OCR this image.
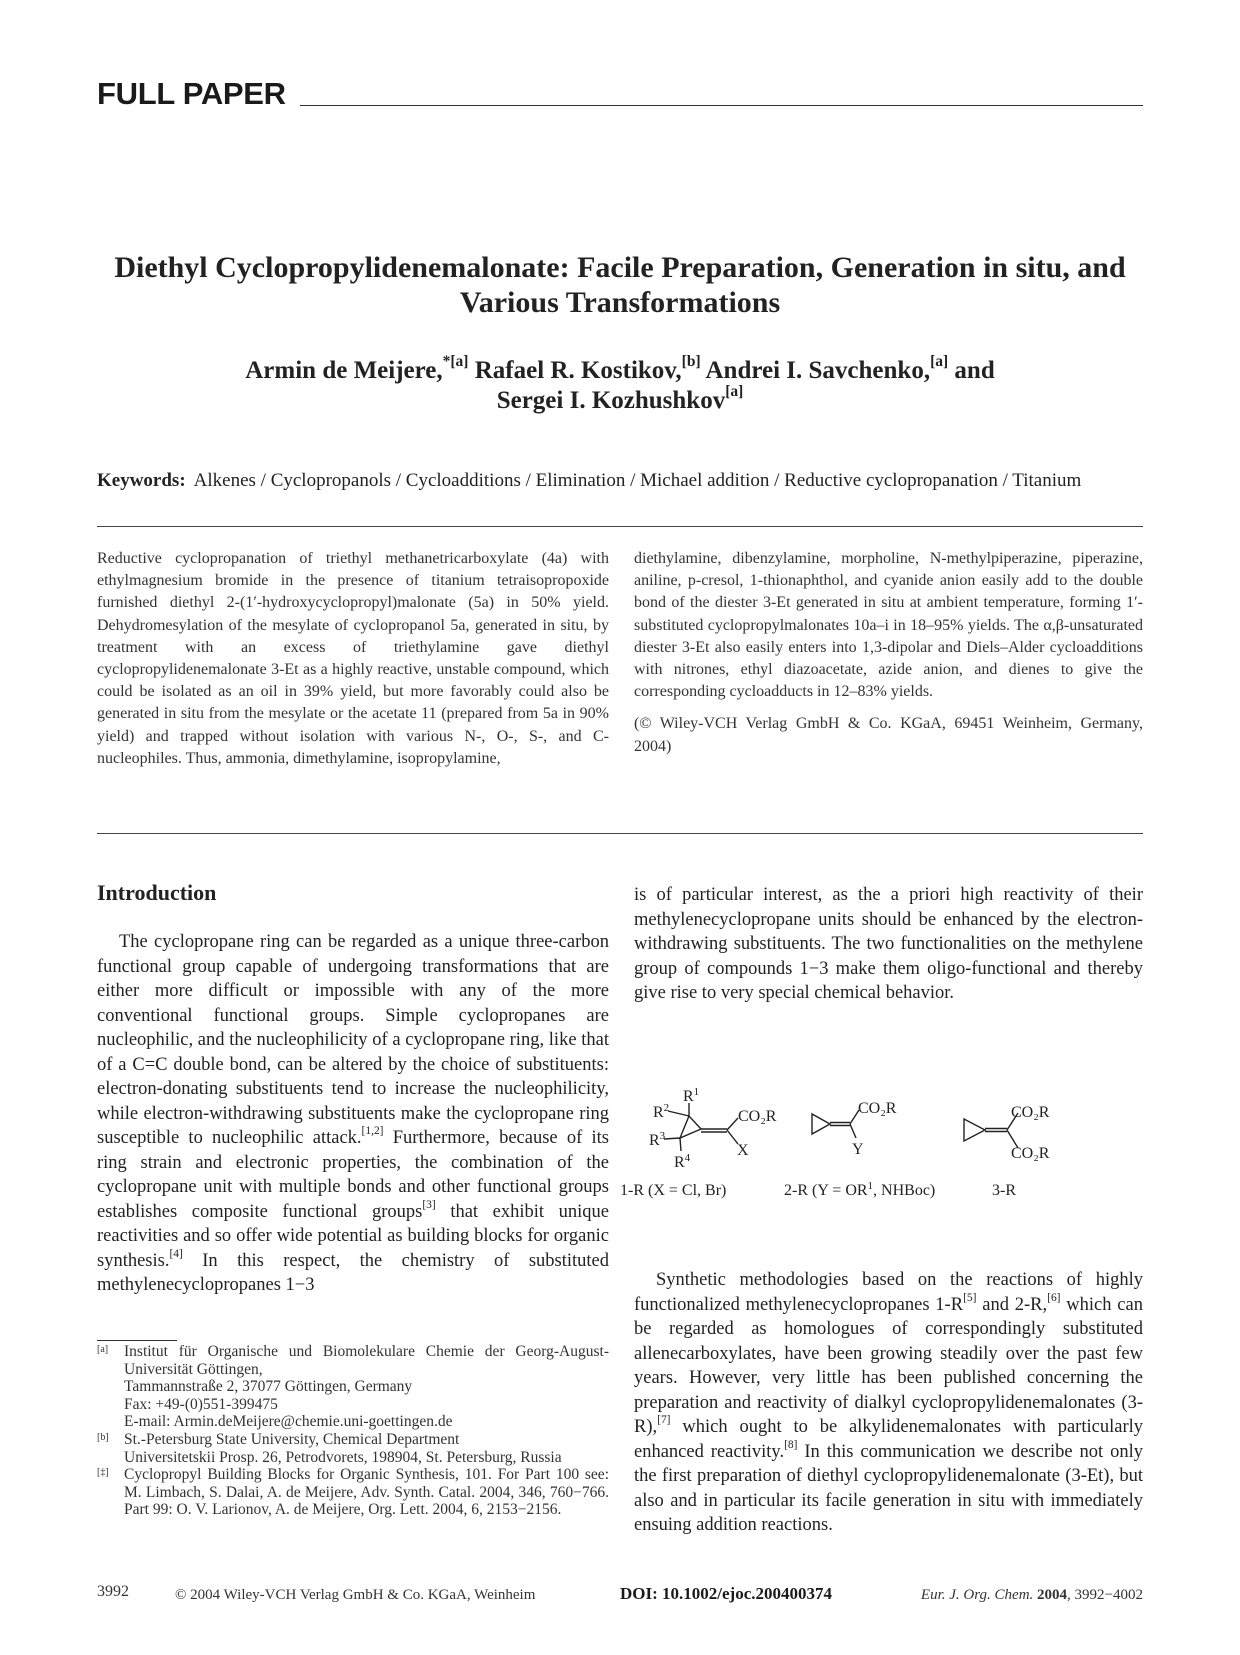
FULL PAPER
Diethyl Cyclopropylidenemalonate: Facile Preparation, Generation in situ, and Various Transformations
Armin de Meijere,$^{*[a]}$ Rafael R. Kostikov,[b] Andrei I. Savchenko,[a] and
Sergei I. Kozhushkov[a]
Keywords: Alkenes / Cyclopropanols / Cycloadditions / Elimination / Michael addition / Reductive cyclopropanation / Titanium
Reductive cyclopropanation of triethyl methanetricarboxylate (4a) with ethylmagnesium bromide in the presence of titanium tetraisopropoxide furnished diethyl 2-(1′-hydroxycyclopropyl)malonate (5a) in 50% yield. Dehydromesylation of the mesylate of cyclopropanol 5a, generated in situ, by treatment with an excess of triethylamine gave diethyl cyclopropylidenemalonate 3-Et as a highly reactive, unstable compound, which could be isolated as an oil in 39% yield, but more favorably could also be generated in situ from the mesylate or the acetate 11 (prepared from 5a in 90% yield) and trapped without isolation with various N-, O-, S-, and C-nucleophiles. Thus, ammonia, dimethylamine, isopropylamine,

diethylamine, dibenzylamine, morpholine, N-methylpiperazine, piperazine, aniline, p-cresol, 1-thionaphthol, and cyanide anion easily add to the double bond of the diester 3-Et generated in situ at ambient temperature, forming 1′-substituted cyclopropylmalonates 10a–i in 18–95% yields. The α,β-unsaturated diester 3-Et also easily enters into 1,3-dipolar and Diels–Alder cycloadditions with nitrones, ethyl diazoacetate, azide anion, and dienes to give the corresponding cycloadducts in 12–83% yields.

(© Wiley-VCH Verlag GmbH & Co. KGaA, 69451 Weinheim, Germany, 2004)

Introduction
The cyclopropane ring can be regarded as a unique three-carbon functional group capable of undergoing transformations that are either more difficult or impossible with any of the more conventional functional groups. Simple cyclopropanes are nucleophilic, and the nucleophilicity of a cyclopropane ring, like that of a C=C double bond, can be altered by the choice of substituents: electron-donating substituents tend to increase the nucleophilicity, while electron-withdrawing substituents make the cyclopropane ring susceptible to nucleophilic attack.[1,2] Furthermore, because of its ring strain and electronic properties, the combination of the cyclopropane unit with multiple bonds and other functional groups establishes composite functional groups[3] that exhibit unique reactivities and so offer wide potential as building blocks for organic synthesis.[4] In this respect, the chemistry of substituted methylenecyclopropanes 1−3
is of particular interest, as the a priori high reactivity of their methylenecyclopropane units should be enhanced by the electron-withdrawing substituents. The two functionalities on the methylene group of compounds 1−3 make them oligo-functional and thereby give rise to very special chemical behavior.
$R^2$
$R^1$
$R^3$
$R^4$
CO₂R
X
1-R (X = Cl, Br)
CO₂R
Y
2-R ($Y = OR^1$, NHBoc)
CO₂R
CO₂R
3-R
Synthetic methodologies based on the reactions of highly functionalized methylenecyclopropanes 1-R[5] and 2-R,[6] which can be regarded as homologues of correspondingly substituted allenecarboxylates, have been growing steadily over the past few years. However, very little has been published concerning the preparation and reactivity of dialkyl cyclopropylidenemalonates (3-R),[7] which ought to be alkylidenemalonates with particularly enhanced reactivity.[8] In this communication we describe not only the first preparation of diethyl cyclopropylidenemalonate (3-Et), but also and in particular its facile generation in situ with immediately ensuing addition reactions.
[a]	Institut für Organische und Biomolekulare Chemie der Georg-August-Universität Göttingen,
Tammannstraße 2, 37077 Göttingen, Germany
Fax: +49-(0)551-399475
E-mail: Armin.deMeijere@chemie.uni-goettingen.de
[b] St.-Petersburg State University, Chemical Department
Universitetskii Prosp. 26, Petrodvorets, 198904, St. Petersburg, Russia
[‡] Cyclopropyl Building Blocks for Organic Synthesis, 101. For Part 100 see: M. Limbach, S. Dalai, A. de Meijere, Adv. Synth. Catal. 2004, 346, 760−766. Part 99: O. V. Larionov, A. de Meijere, Org. Lett. 2004, 6, 2153−2156.
3992	© 2004 Wiley-VCH Verlag GmbH & Co. KGaA, Weinheim	DOI: 10.1002/ejoc.200400374	Eur. J. Org. Chem. 2004, 3992−4002
